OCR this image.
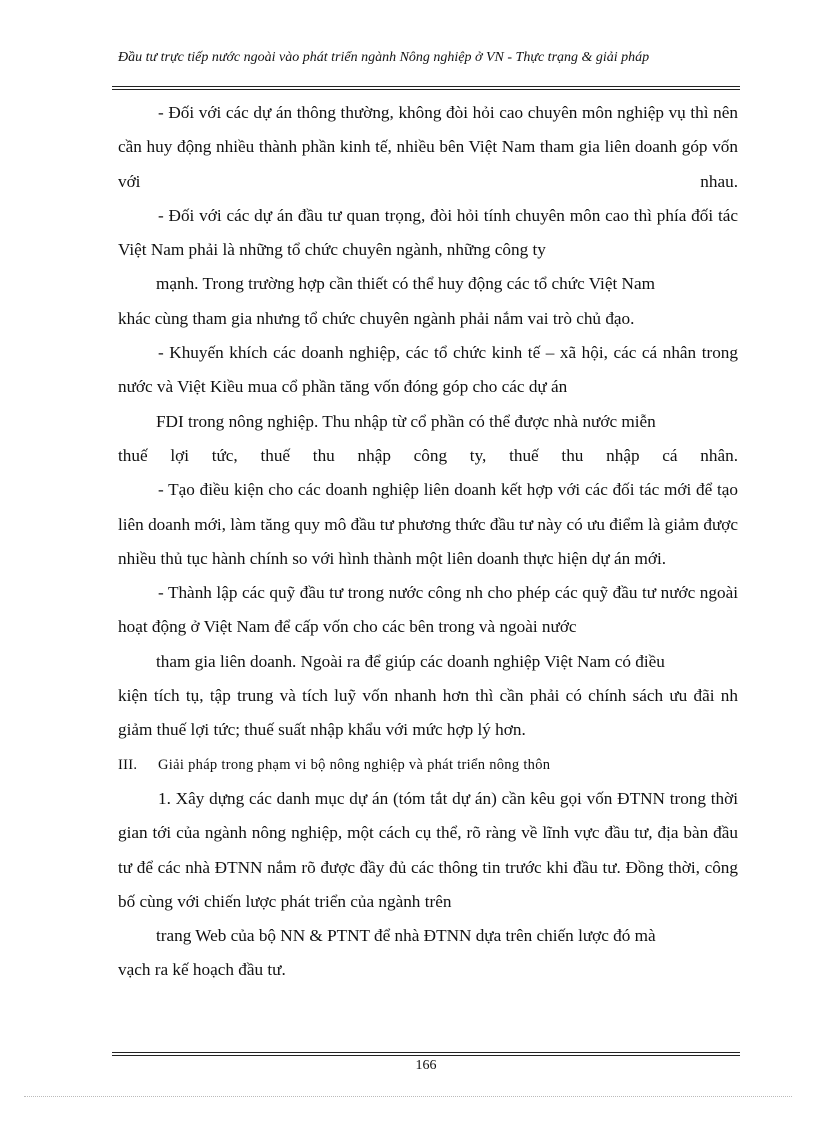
Đầu tư trực tiếp nước ngoài vào phát triển ngành Nông nghiệp ở VN - Thực trạng & giải pháp

- Đối với các dự án thông thường, không đòi hỏi cao chuyên môn nghiệp vụ thì nên cần huy động nhiều thành phần kinh tế, nhiều bên Việt Nam tham gia liên doanh góp vốn với nhau.

- Đối với các dự án đầu tư quan trọng, đòi hỏi tính chuyên môn cao thì phía đối tác Việt Nam phải là những tổ chức chuyên ngành, những công ty

mạnh. Trong trường hợp cần thiết có thể huy động các tổ chức Việt Nam

khác cùng tham gia nhưng tổ chức chuyên ngành phải nắm vai trò chủ đạo.

- Khuyến khích các doanh nghiệp, các tổ chức kinh tế – xã hội, các cá nhân trong nước và Việt Kiều mua cổ phần tăng vốn đóng góp cho các dự án

FDI trong nông nghiệp. Thu nhập từ cổ phần có thể được nhà nước miễn

thuế lợi tức, thuế thu nhập công ty, thuế thu nhập cá nhân.

- Tạo điều kiện cho các doanh nghiệp liên doanh kết hợp với các đối tác mới để tạo liên doanh mới, làm tăng quy mô đầu tư phương thức đầu tư này có ưu điểm là giảm được nhiều thủ tục hành chính so với hình thành một liên doanh thực hiện dự án mới.

- Thành lập các quỹ đầu tư trong nước công nh cho phép các quỹ đầu tư nước ngoài hoạt động ở Việt Nam để cấp vốn cho các bên trong và ngoài nước

tham gia liên doanh. Ngoài ra để giúp các doanh nghiệp Việt Nam có điều

kiện tích tụ, tập trung và tích luỹ vốn nhanh hơn thì cần phải có chính sách ưu đãi nh giảm thuế lợi tức; thuế suất nhập khẩu với mức hợp lý hơn.

III. Giải pháp trong phạm vi bộ nông nghiệp và phát triển nông thôn

1. Xây dựng các danh mục dự án (tóm tắt dự án) cần kêu gọi vốn ĐTNN trong thời gian tới của ngành nông nghiệp, một cách cụ thể, rõ ràng về lĩnh vực đầu tư, địa bàn đầu tư để các nhà ĐTNN nắm rõ được đầy đủ các thông tin trước khi đầu tư. Đồng thời, công bố cùng với chiến lược phát triển của ngành trên

trang Web của bộ NN & PTNT để nhà ĐTNN dựa trên chiến lược đó mà

vạch ra kế hoạch đầu tư.

166
